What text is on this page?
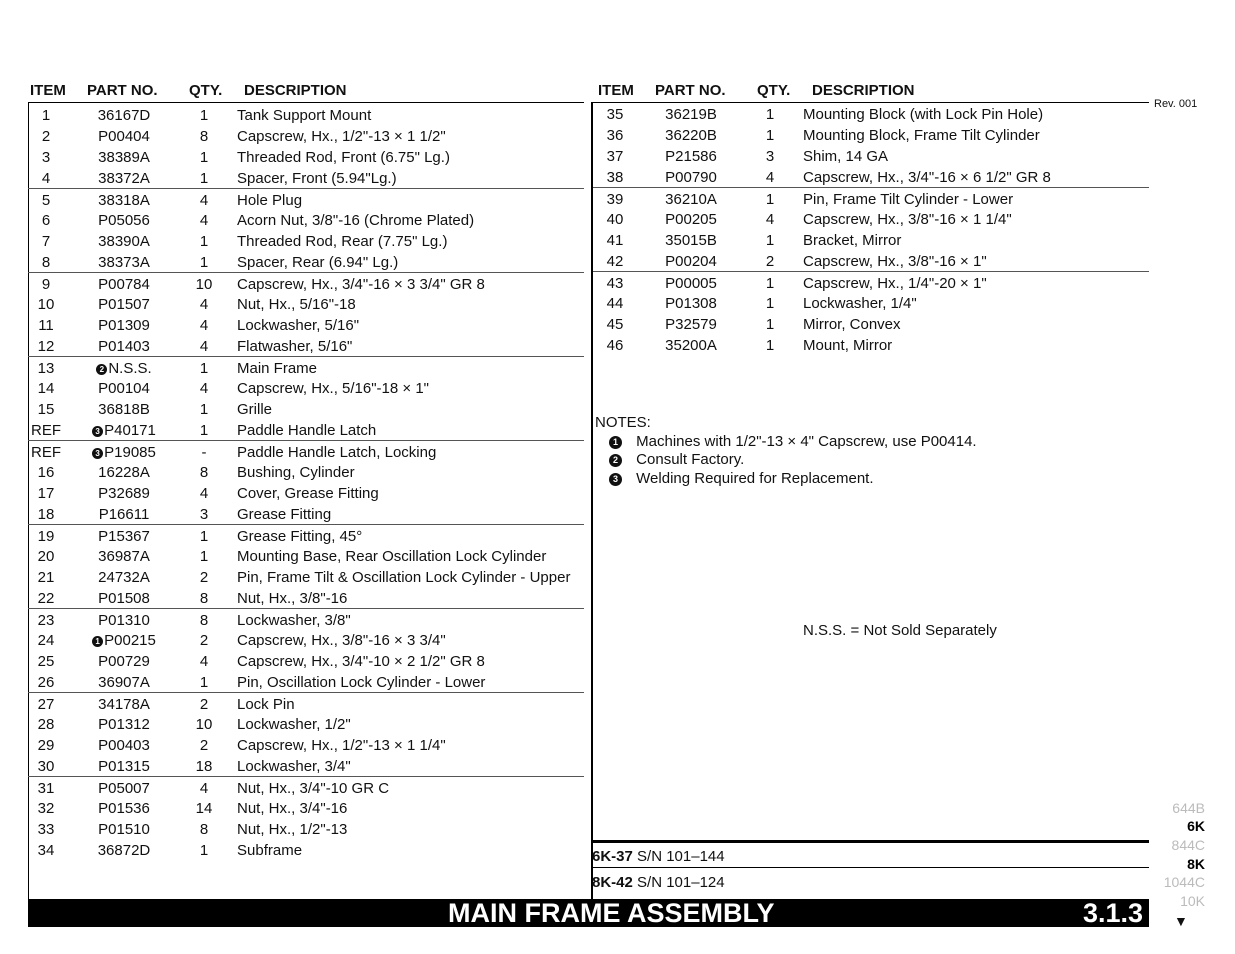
ITEM PART NO. QTY. DESCRIPTION	ITEM PART NO. QTY. DESCRIPTION
1	36167D	1	Tank Support Mount
2	P00404	8	Capscrew, Hx., 1/2"-13 × 1 1/2"
3	38389A	1	Threaded Rod, Front (6.75" Lg.)
4	38372A	1	Spacer, Front (5.94"Lg.)
5	38318A	4	Hole Plug
6	P05056	4	Acorn Nut, 3/8"-16 (Chrome Plated)
7	38390A	1	Threaded Rod, Rear (7.75" Lg.)
8	38373A	1	Spacer, Rear (6.94" Lg.)
9	P00784	10	Capscrew, Hx., 3/4"-16 × 3 3/4" GR 8
10	P01507	4	Nut, Hx., 5/16"-18
11	P01309	4	Lockwasher, 5/16"
12	P01403	4	Flatwasher, 5/16"
13	2 N.S.S.	1	Main Frame
14	P00104	4	Capscrew, Hx., 5/16"-18 × 1"
15	36818B	1	Grille
REF	3 P40171	1	Paddle Handle Latch
REF	3 P19085	-	Paddle Handle Latch, Locking
16	16228A	8	Bushing, Cylinder
17	P32689	4	Cover, Grease Fitting
18	P16611	3	Grease Fitting
19	P15367	1	Grease Fitting, 45°
20	36987A	1	Mounting Base, Rear Oscillation Lock Cylinder
21	24732A	2	Pin, Frame Tilt & Oscillation Lock Cylinder - Upper
22	P01508	8	Nut, Hx., 3/8"-16
23	P01310	8	Lockwasher, 3/8"
24	1 P00215	2	Capscrew, Hx., 3/8"-16 × 3 3/4"
25	P00729	4	Capscrew, Hx., 3/4"-10 × 2 1/2" GR 8
26	36907A	1	Pin, Oscillation Lock Cylinder - Lower
27	34178A	2	Lock Pin
28	P01312	10	Lockwasher, 1/2"
29	P00403	2	Capscrew, Hx., 1/2"-13 × 1 1/4"
30	P01315	18	Lockwasher, 3/4"
31	P05007	4	Nut, Hx., 3/4"-10 GR C
32	P01536	14	Nut, Hx., 3/4"-16
33	P01510	8	Nut, Hx., 1/2"-13
34	36872D	1	Subframe
35	36219B	1	Mounting Block (with Lock Pin Hole)
36	36220B	1	Mounting Block, Frame Tilt Cylinder
37	P21586	3	Shim, 14 GA
38	P00790	4	Capscrew, Hx., 3/4"-16 × 6 1/2" GR 8
39	36210A	1	Pin, Frame Tilt Cylinder - Lower
40	P00205	4	Capscrew, Hx., 3/8"-16 × 1 1/4"
41	35015B	1	Bracket, Mirror
42	P00204	2	Capscrew, Hx., 3/8"-16 × 1"
43	P00005	1	Capscrew, Hx., 1/4"-20 × 1"
44	P01308	1	Lockwasher, 1/4"
45	P32579	1	Mirror, Convex
46	35200A	1	Mount, Mirror
NOTES:
1 Machines with 1/2"-13 × 4" Capscrew, use P00414.
2 Consult Factory.
3 Welding Required for Replacement.
N.S.S. = Not Sold Separately
6K-37 S/N 101–144
8K-42 S/N 101–124
MAIN FRAME ASSEMBLY	3.1.3
Rev. 001
644B
6K
844C
8K
1044C
10K
▼
